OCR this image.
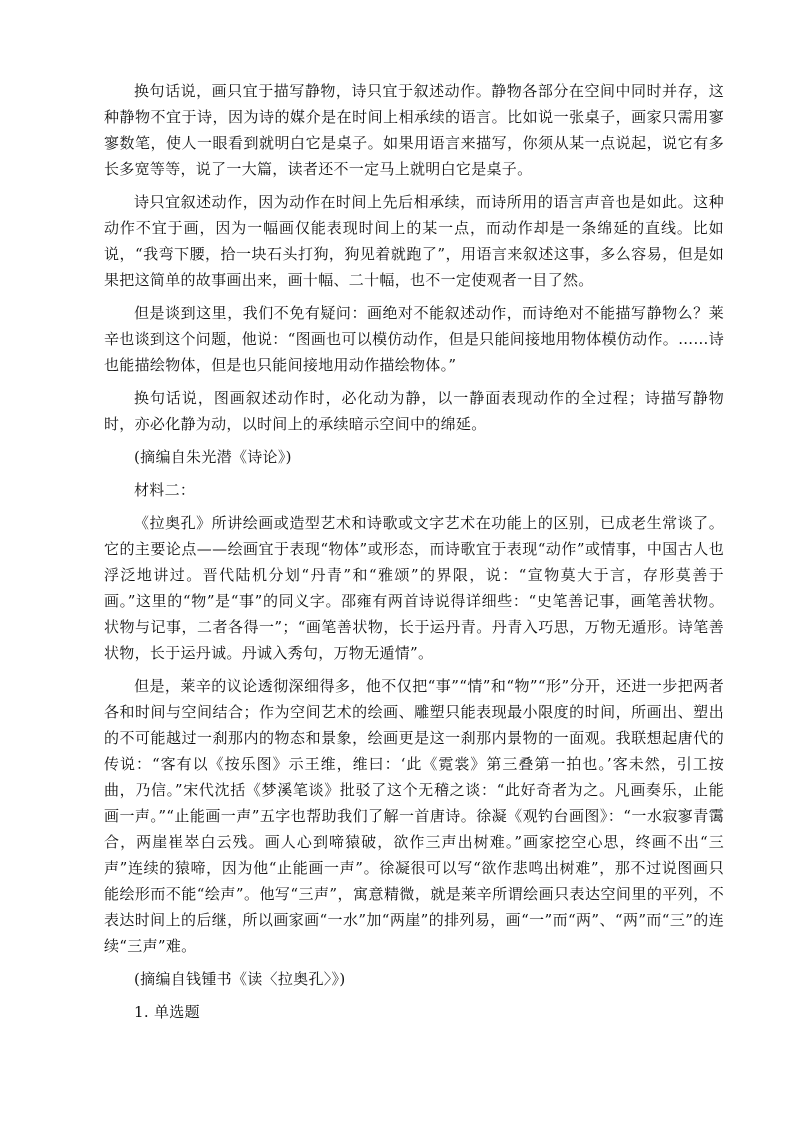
换句话说，画只宜于描写静物，诗只宜于叙述动作。静物各部分在空间中同时并存，这种静物不宜于诗，因为诗的媒介是在时间上相承续的语言。比如说一张桌子，画家只需用寥寥数笔，使人一眼看到就明白它是桌子。如果用语言来描写，你须从某一点说起，说它有多长多宽等等，说了一大篇，读者还不一定马上就明白它是桌子。

诗只宜叙述动作，因为动作在时间上先后相承续，而诗所用的语言声音也是如此。这种动作不宜于画，因为一幅画仅能表现时间上的某一点，而动作却是一条绵延的直线。比如说，“我弯下腰，拾一块石头打狗，狗见着就跑了”，用语言来叙述这事，多么容易，但是如果把这简单的故事画出来，画十幅、二十幅，也不一定使观者一目了然。

但是谈到这里，我们不免有疑问：画绝对不能叙述动作，而诗绝对不能描写静物么？莱辛也谈到这个问题，他说：“图画也可以模仿动作，但是只能间接地用物体模仿动作。……诗也能描绘物体，但是也只能间接地用动作描绘物体。”

换句话说，图画叙述动作时，必化动为静，以一静面表现动作的全过程；诗描写静物时，亦必化静为动，以时间上的承续暗示空间中的绵延。

(摘编自朱光潜《诗论》)

材料二：

《拉奥孔》所讲绘画或造型艺术和诗歌或文字艺术在功能上的区别，已成老生常谈了。它的主要论点——绘画宜于表现“物体”或形态，而诗歌宜于表现“动作”或情事，中国古人也浮泛地讲过。晋代陆机分划“丹青”和“雅颂”的界限，说：“宣物莫大于言，存形莫善于画。”这里的“物”是“事”的同义字。邵雍有两首诗说得详细些：“史笔善记事，画笔善状物。状物与记事，二者各得一”；“画笔善状物，长于运丹青。丹青入巧思，万物无遁形。诗笔善状物，长于运丹诚。丹诚入秀句，万物无遁情”。

但是，莱辛的议论透彻深细得多，他不仅把“事”“情”和“物”“形”分开，还进一步把两者各和时间与空间结合；作为空间艺术的绘画、雕塑只能表现最小限度的时间，所画出、塑出的不可能越过一刹那内的物态和景象，绘画更是这一刹那内景物的一面观。我联想起唐代的传说：“客有以《按乐图》示王维，维曰：‘此《霓裳》第三叠第一拍也。’客未然，引工按曲，乃信。”宋代沈括《梦溪笔谈》批驳了这个无稽之谈：“此好奇者为之。凡画奏乐，止能画一声。”“止能画一声”五字也帮助我们了解一首唐诗。徐凝《观钓台画图》：“一水寂寥青霭合，两崖崔崒白云残。画人心到啼猿破，欲作三声出树难。”画家挖空心思，终画不出“三声”连续的猿啼，因为他“止能画一声”。徐凝很可以写“欲作悲鸣出树难”，那不过说图画只能绘形而不能“绘声”。他写“三声”，寓意精微，就是莱辛所谓绘画只表达空间里的平列，不表达时间上的后继，所以画家画“一水”加“两崖”的排列易，画“一”而“两”、“两”而“三”的连续“三声”难。

(摘编自钱锺书《读〈拉奥孔〉》)

1. 单选题
